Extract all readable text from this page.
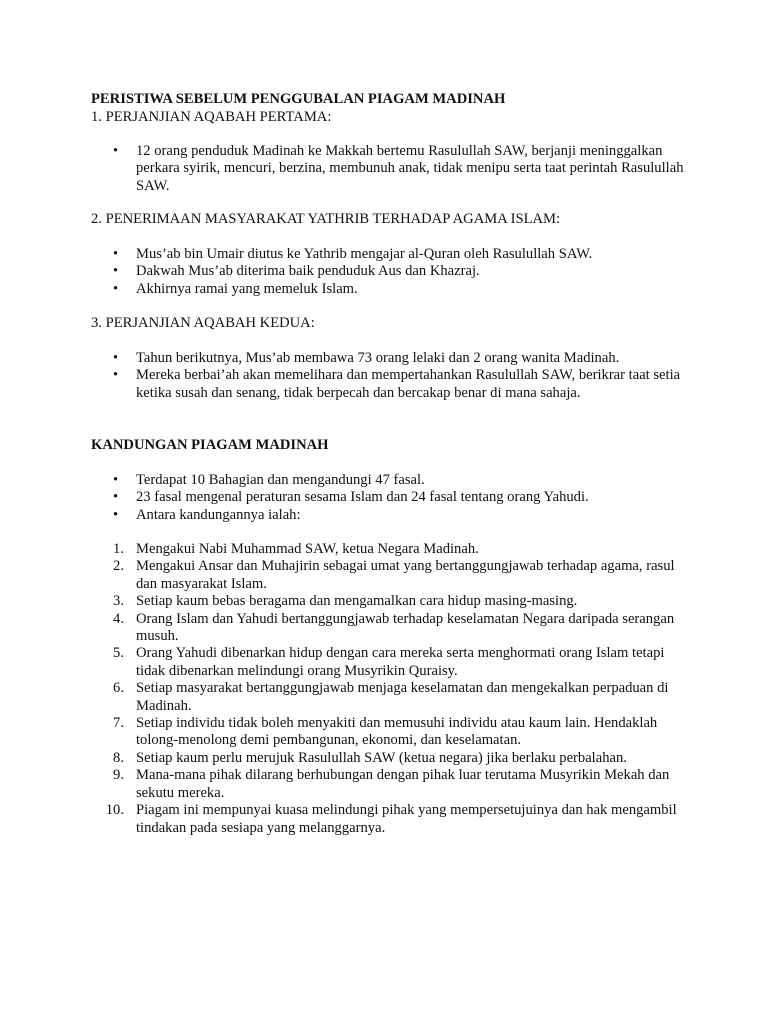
PERISTIWA SEBELUM PENGGUBALAN PIAGAM MADINAH

1. PERJANJIAN AQABAH PERTAMA:

• 12 orang penduduk Madinah ke Makkah bertemu Rasulullah SAW, berjanji meninggalkan perkara syirik, mencuri, berzina, membunuh anak, tidak menipu serta taat perintah Rasulullah SAW.

2. PENERIMAAN MASYARAKAT YATHRIB TERHADAP AGAMA ISLAM:

• Mus’ab bin Umair diutus ke Yathrib mengajar al-Quran oleh Rasulullah SAW.
• Dakwah Mus’ab diterima baik penduduk Aus dan Khazraj.
• Akhirnya ramai yang memeluk Islam.

3. PERJANJIAN AQABAH KEDUA:

• Tahun berikutnya, Mus’ab membawa 73 orang lelaki dan 2 orang wanita Madinah.
• Mereka berbai’ah akan memelihara dan mempertahankan Rasulullah SAW, berikrar taat setia ketika susah dan senang, tidak berpecah dan bercakap benar di mana sahaja.

KANDUNGAN PIAGAM MADINAH

• Terdapat 10 Bahagian dan mengandungi 47 fasal.
• 23 fasal mengenal peraturan sesama Islam dan 24 fasal tentang orang Yahudi.
• Antara kandungannya ialah:
1. Mengakui Nabi Muhammad SAW, ketua Negara Madinah.
2. Mengakui Ansar dan Muhajirin sebagai umat yang bertanggungjawab terhadap agama, rasul dan masyarakat Islam.
3. Setiap kaum bebas beragama dan mengamalkan cara hidup masing-masing.
4. Orang Islam dan Yahudi bertanggungjawab terhadap keselamatan Negara daripada serangan musuh.
5. Orang Yahudi dibenarkan hidup dengan cara mereka serta menghormati orang Islam tetapi tidak dibenarkan melindungi orang Musyrikin Quraisy.
6. Setiap masyarakat bertanggungjawab menjaga keselamatan dan mengekalkan perpaduan di Madinah.
7. Setiap individu tidak boleh menyakiti dan memusuhi individu atau kaum lain. Hendaklah tolong-menolong demi pembangunan, ekonomi, dan keselamatan.
8. Setiap kaum perlu merujuk Rasulullah SAW (ketua negara) jika berlaku perbalahan.
9. Mana-mana pihak dilarang berhubungan dengan pihak luar terutama Musyrikin Mekah dan sekutu mereka.
10. Piagam ini mempunyai kuasa melindungi pihak yang mempersetujuinya dan hak mengambil tindakan pada sesiapa yang melanggarnya.
